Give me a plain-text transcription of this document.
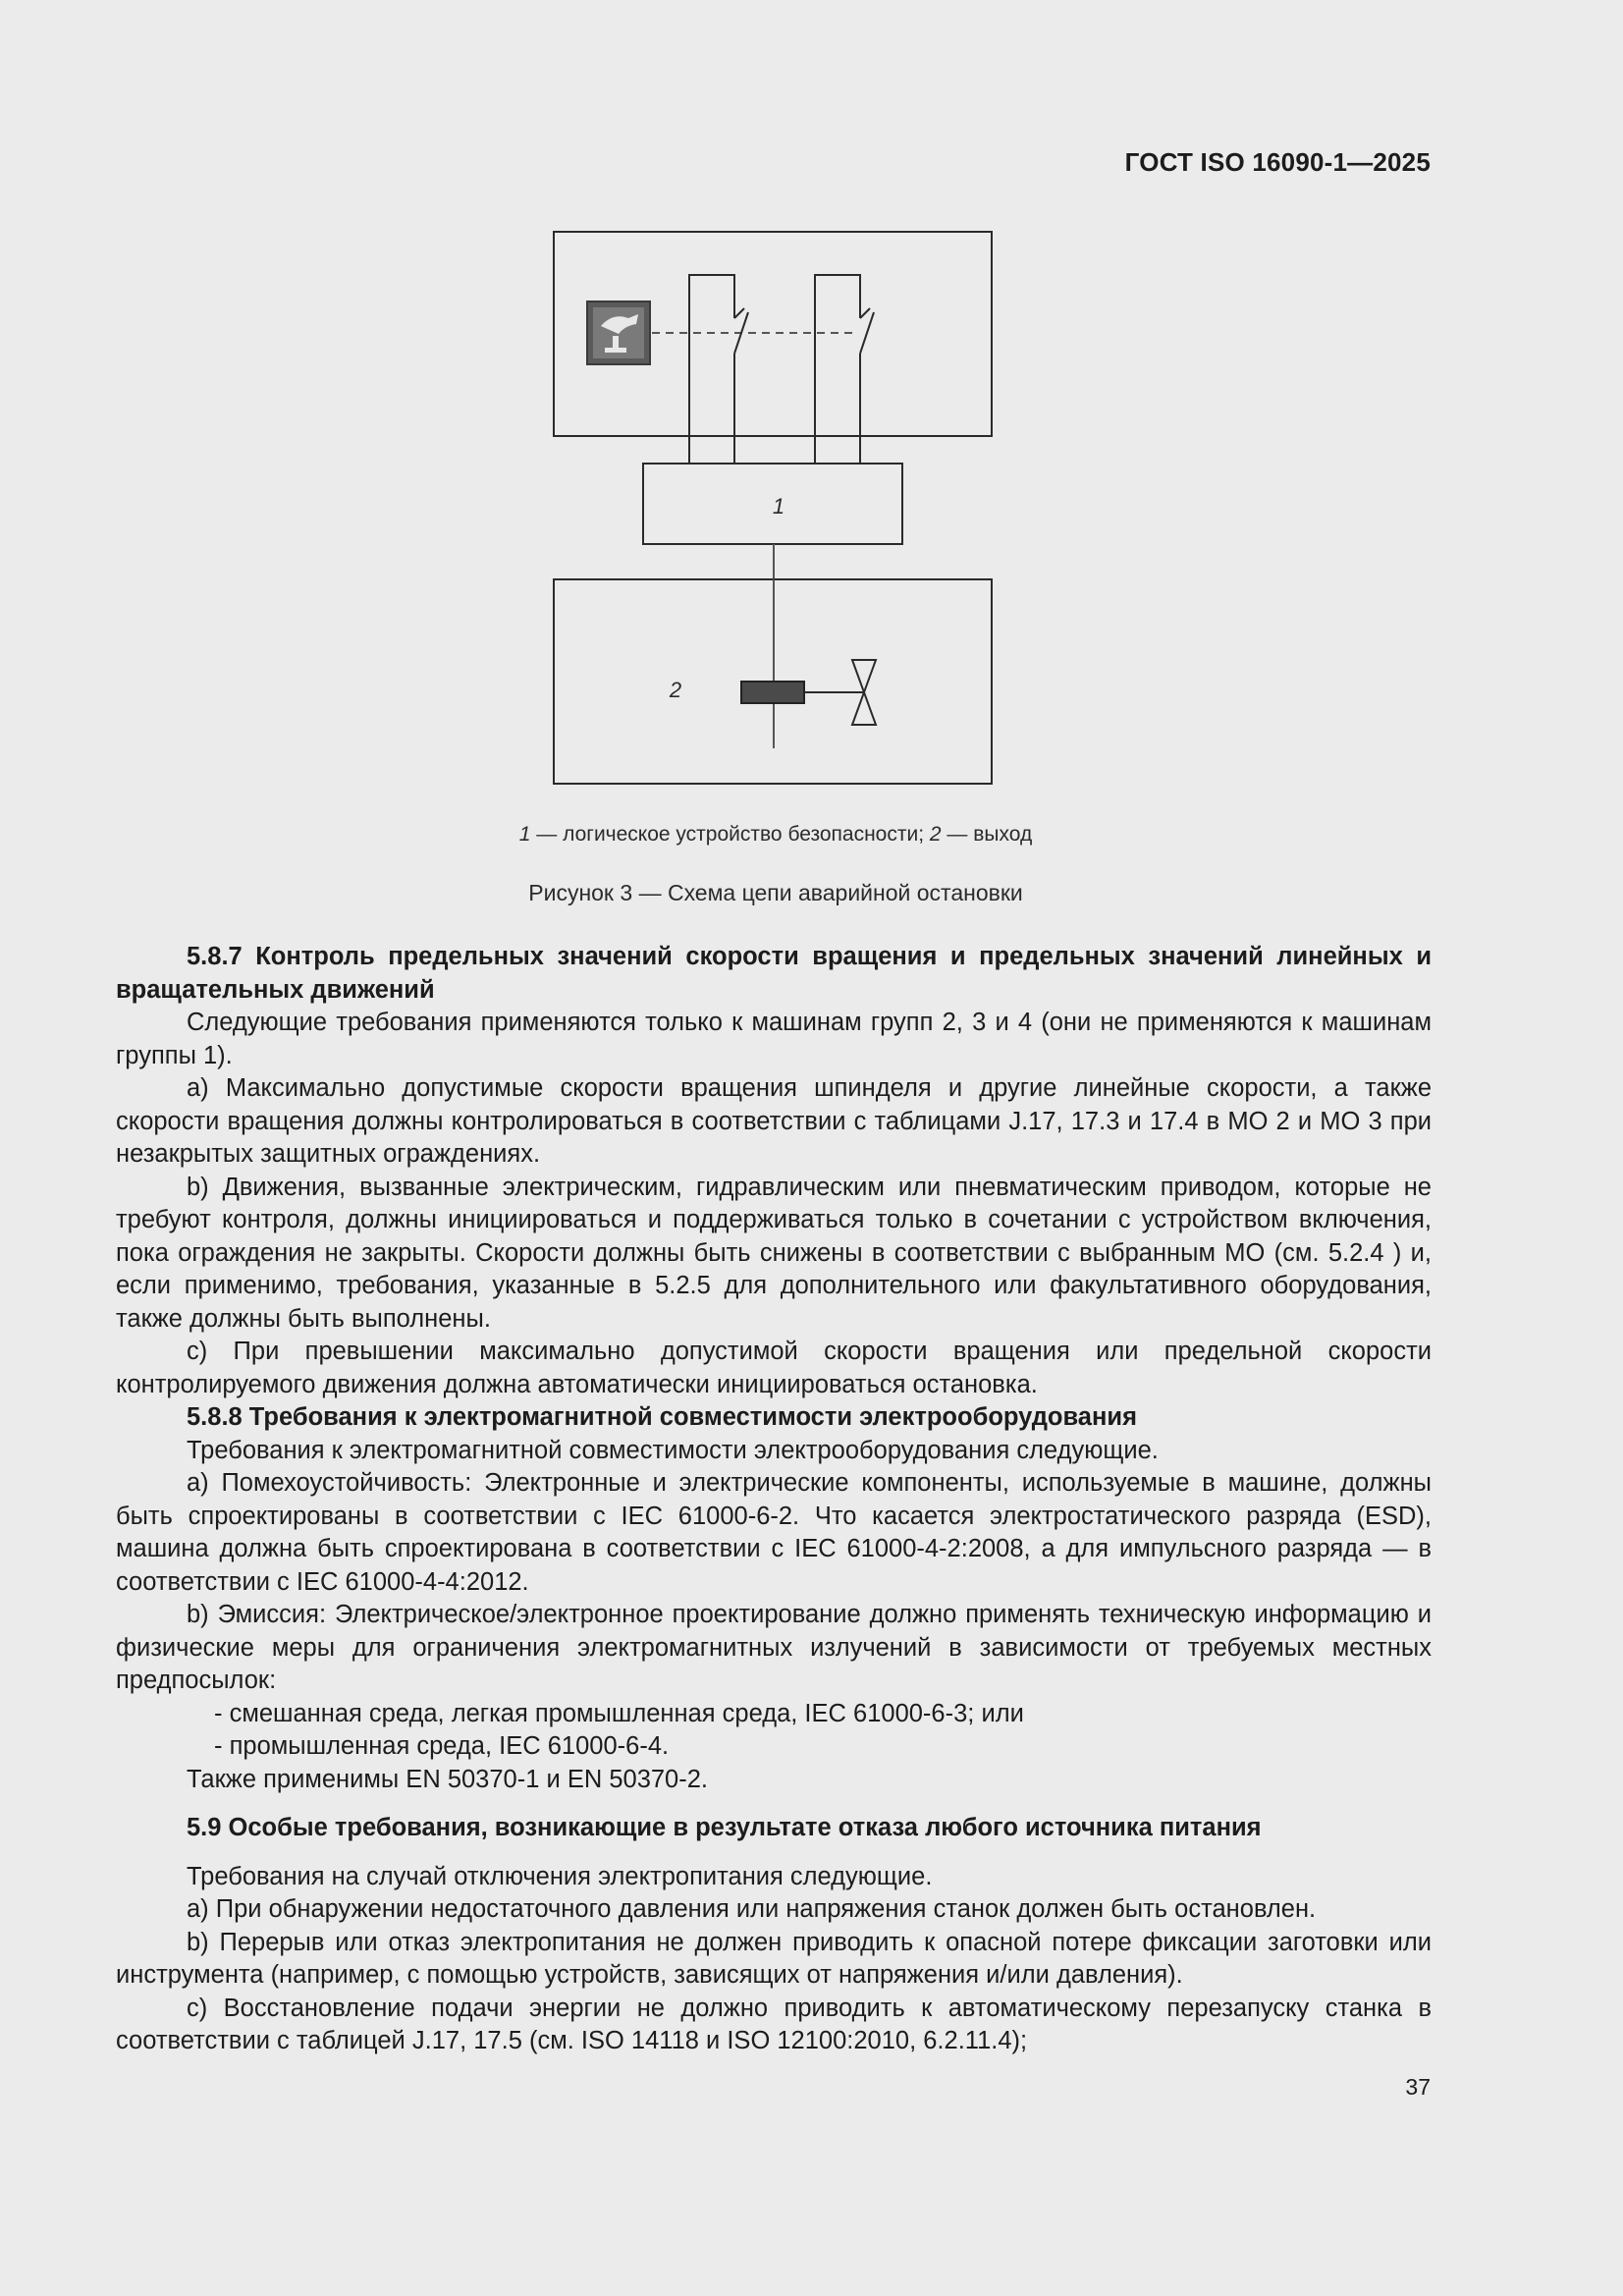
ГОСТ ISO 16090-1—2025
1
2
1 — логическое устройство безопасности; 2 — выход
Рисунок 3 — Схема цепи аварийной остановки

5.8.7 Контроль предельных значений скорости вращения и предельных значений линейных и вращательных движений

Следующие требования применяются только к машинам групп 2, 3 и 4 (они не применяются к машинам группы 1).

a) Максимально допустимые скорости вращения шпинделя и другие линейные скорости, а также скорости вращения должны контролироваться в соответствии с таблицами J.17, 17.3 и 17.4 в МО 2 и МО 3 при незакрытых защитных ограждениях.

b) Движения, вызванные электрическим, гидравлическим или пневматическим приводом, которые не требуют контроля, должны инициироваться и поддерживаться только в сочетании с устройством включения, пока ограждения не закрыты. Скорости должны быть снижены в соответствии с выбранным МО (см. 5.2.4 ) и, если применимо, требования, указанные в 5.2.5 для дополнительного или факультативного оборудования, также должны быть выполнены.

c) При превышении максимально допустимой скорости вращения или предельной скорости контролируемого движения должна автоматически инициироваться остановка.

5.8.8 Требования к электромагнитной совместимости электрооборудования

Требования к электромагнитной совместимости электрооборудования следующие.

a) Помехоустойчивость: Электронные и электрические компоненты, используемые в машине, должны быть спроектированы в соответствии с IEC 61000-6-2. Что касается электростатического разряда (ESD), машина должна быть спроектирована в соответствии с IEC 61000-4-2:2008, а для импульсного разряда — в соответствии с IEC 61000-4-4:2012.

b) Эмиссия: Электрическое/электронное проектирование должно применять техническую информацию и физические меры для ограничения электромагнитных излучений в зависимости от требуемых местных предпосылок:

- смешанная среда, легкая промышленная среда, IEC 61000-6-3; или

- промышленная среда, IEC 61000-6-4.

Также применимы EN 50370-1 и EN 50370-2.

5.9 Особые требования, возникающие в результате отказа любого источника питания

Требования на случай отключения электропитания следующие.

a) При обнаружении недостаточного давления или напряжения станок должен быть остановлен.

b) Перерыв или отказ электропитания не должен приводить к опасной потере фиксации заготовки или инструмента (например, с помощью устройств, зависящих от напряжения и/или давления).

c) Восстановление подачи энергии не должно приводить к автоматическому перезапуску станка в соответствии с таблицей J.17, 17.5 (см. ISO 14118 и ISO 12100:2010, 6.2.11.4);

37
